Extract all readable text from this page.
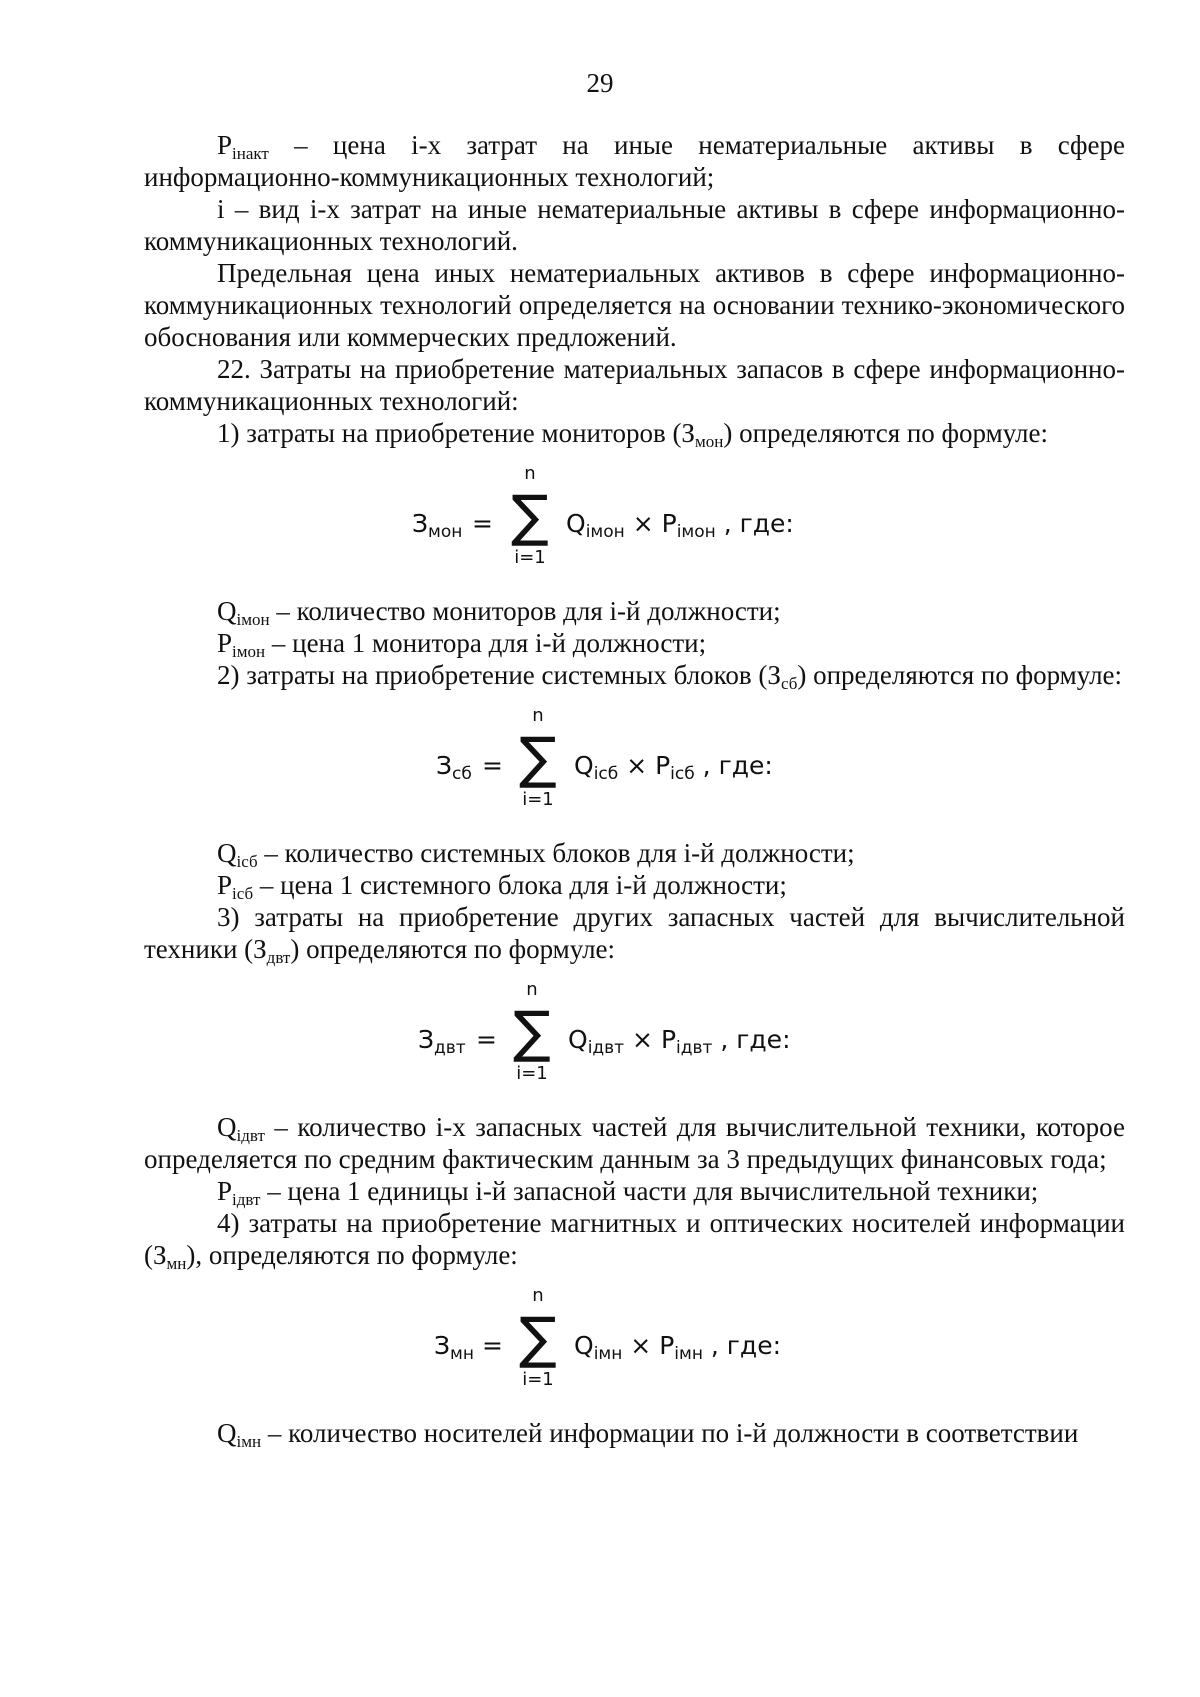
29

$P_{iнакт}$ – цена i-х затрат на иные нематериальные активы в сфере информационно-коммуникационных технологий;

i – вид i-х затрат на иные нематериальные активы в сфере информационно-коммуникационных технологий.

Предельная цена иных нематериальных активов в сфере информационно-коммуникационных технологий определяется на основании технико-экономического обоснования или коммерческих предложений.

22. Затраты на приобретение материальных запасов в сфере информационно-коммуникационных технологий:

1) затраты на приобретение мониторов $(З_{мон})$ определяются по формуле:

$З_{мон}$ =
n
∑
i=1
$Q_{iмон} \times P_{iмон}$ , где:

$Q_{iмон}$ – количество мониторов для i-й должности;

$P_{iмон}$ – цена 1 монитора для i-й должности;

2) затраты на приобретение системных блоков $(З_{сб})$ определяются по формуле:

$З_{сб}$ =
n
∑
i=1
$Q_{iсб} \times P_{iсб}$ , где:

$Q_{iсб}$ – количество системных блоков для i-й должности;

$P_{iсб}$ – цена 1 системного блока для i-й должности;

3) затраты на приобретение других запасных частей для вычислительной техники $(З_{двт})$ определяются по формуле:

$З_{двт}$ =
n
∑
i=1
$Q_{iдвт} \times P_{iдвт}$ , где:

$Q_{iдвт}$ – количество i-х запасных частей для вычислительной техники, которое определяется по средним фактическим данным за 3 предыдущих финансовых года;

$P_{iдвт}$ – цена 1 единицы i-й запасной части для вычислительной техники;

4) затраты на приобретение магнитных и оптических носителей информации $(З_{мн})$, определяются по формуле:

$З_{мн}$ =
n
∑
i=1
$Q_{iмн} \times P_{iмн}$ , где:

$Q_{iмн}$ – количество носителей информации по i-й должности в соответствии
